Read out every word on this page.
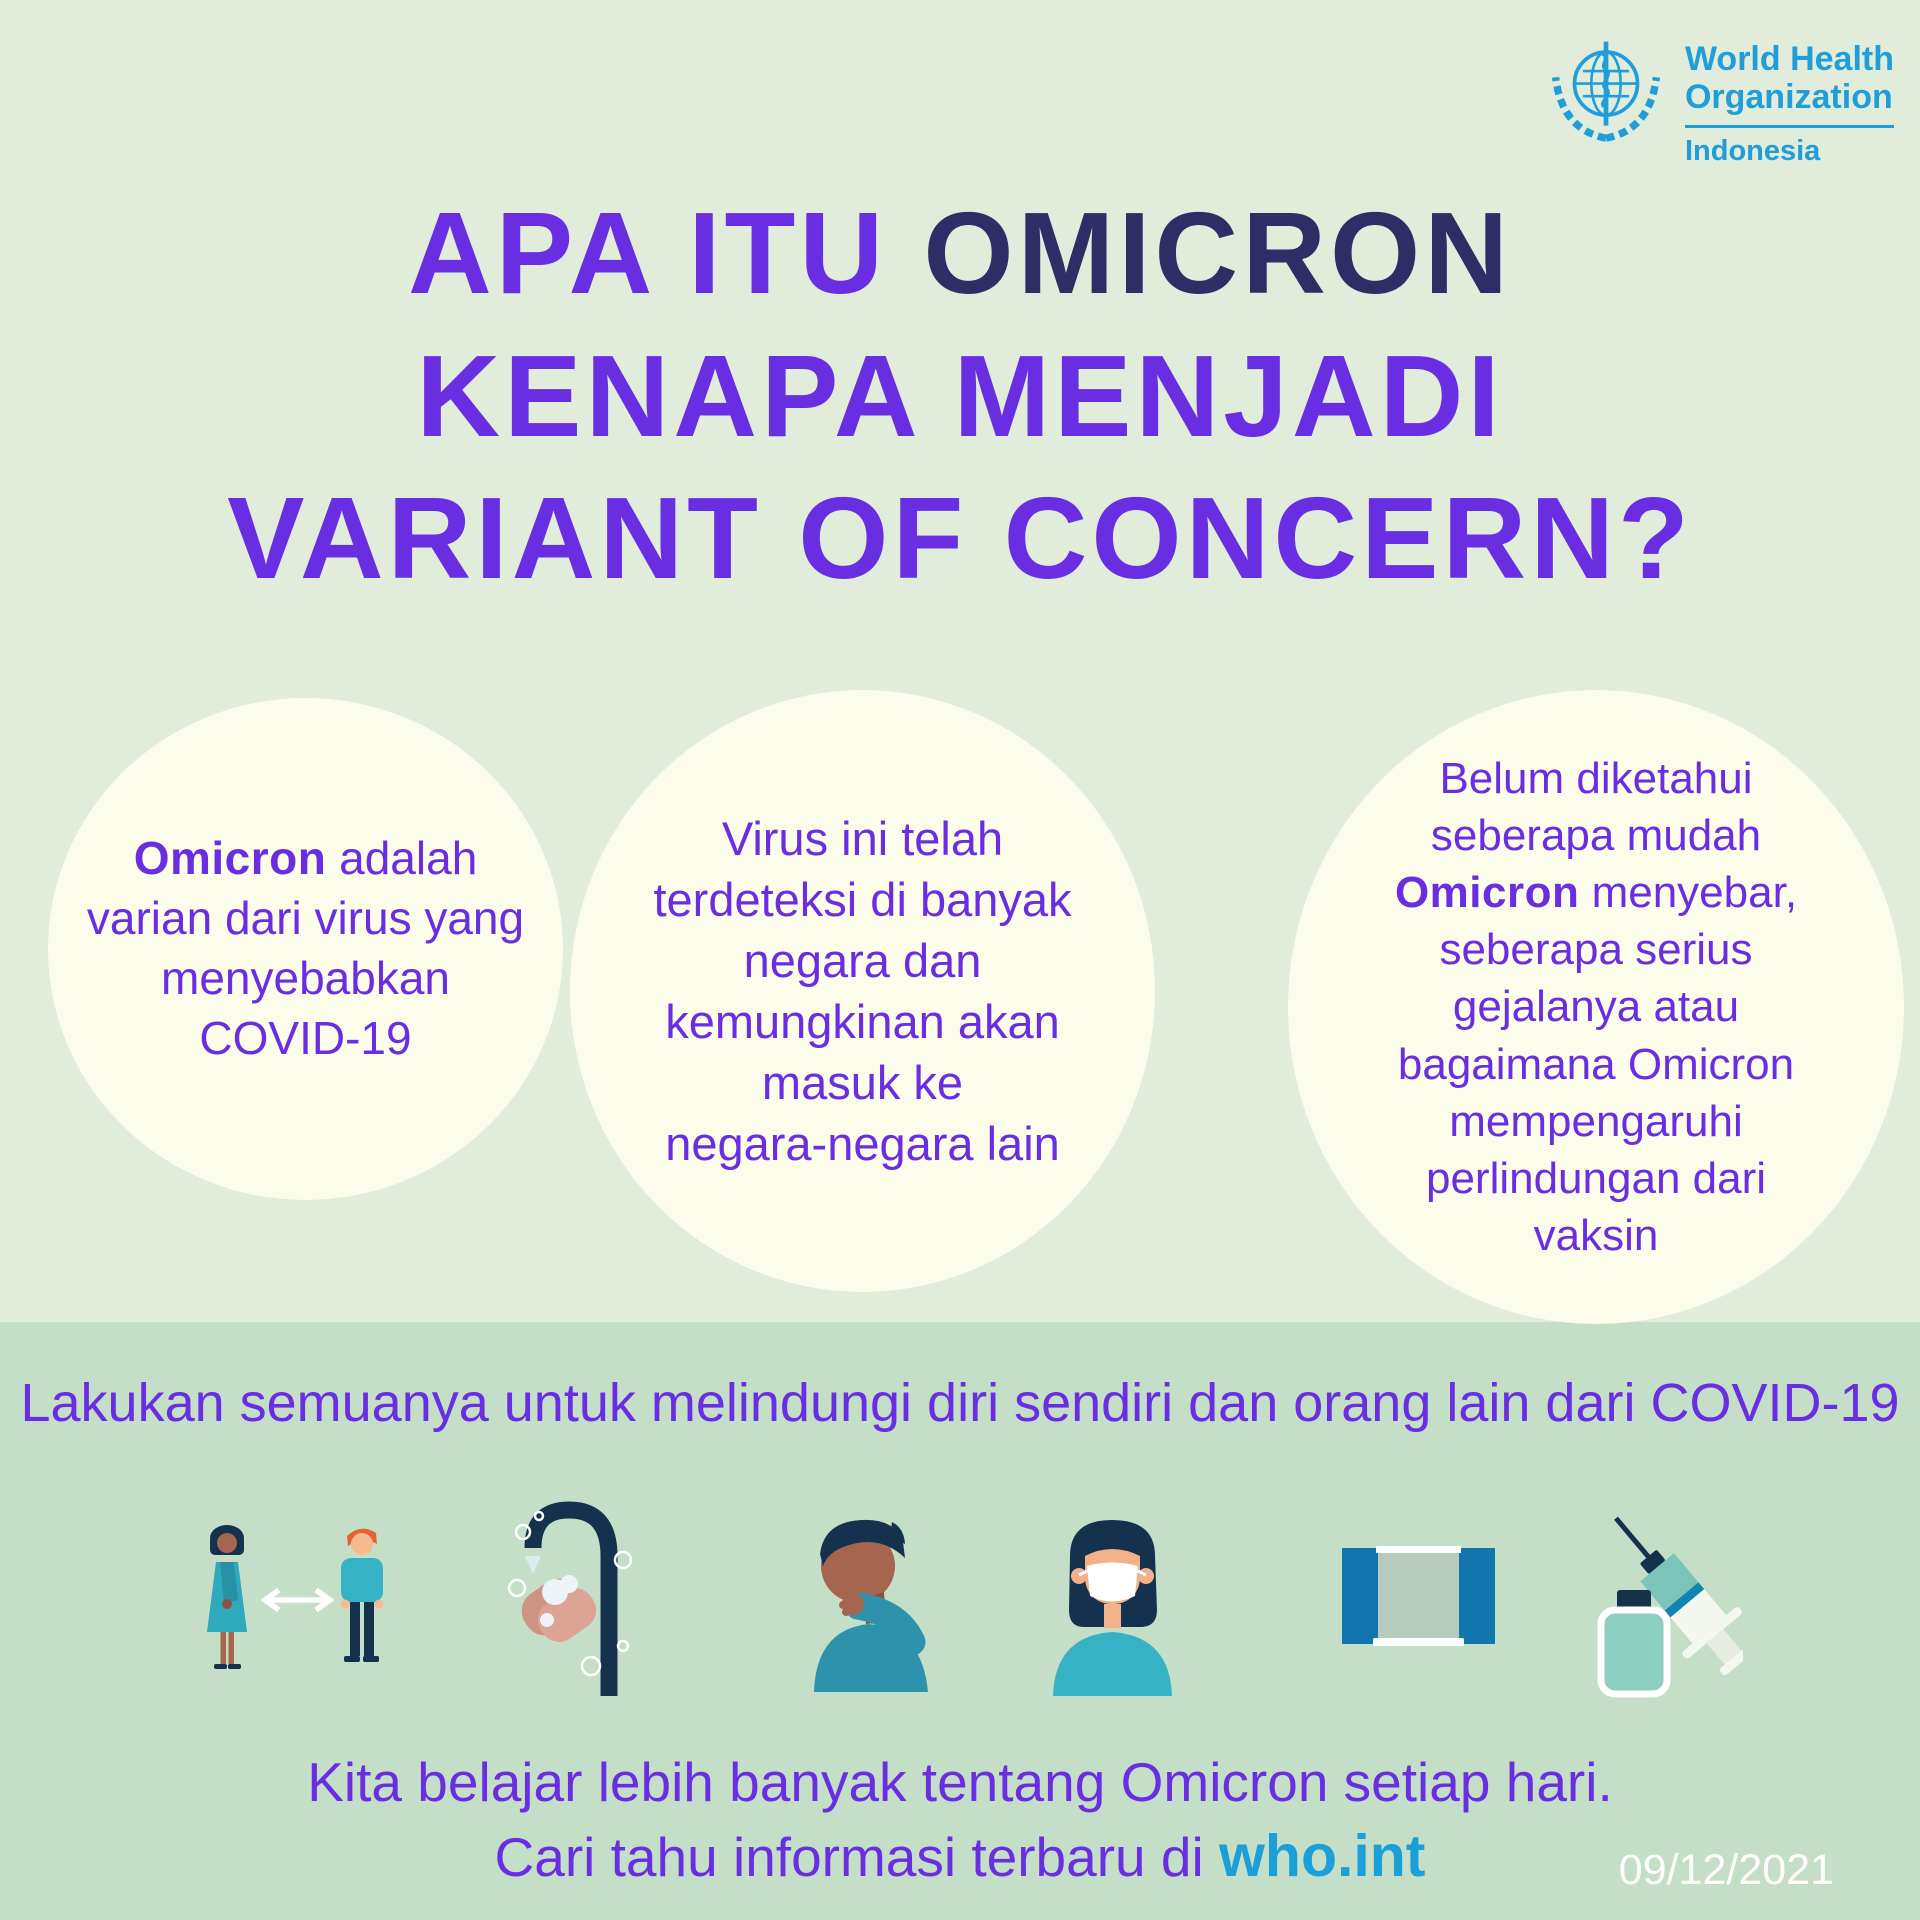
World Health
Organization
Indonesia
APA ITU OMICRON
KENAPA MENJADI
VARIANT OF CONCERN?
Omicron adalah
varian dari virus yang
menyebabkan
COVID-19
Virus ini telah
terdeteksi di banyak
negara dan
kemungkinan akan
masuk ke
negara-negara lain
Belum diketahui
seberapa mudah
Omicron menyebar,
seberapa serius
gejalanya atau
bagaimana Omicron
mempengaruhi
perlindungan dari
vaksin
Lakukan semuanya untuk melindungi diri sendiri dan orang lain dari COVID-19
Kita belajar lebih banyak tentang Omicron setiap hari.
Cari tahu informasi terbaru di who.int	09/12/2021
